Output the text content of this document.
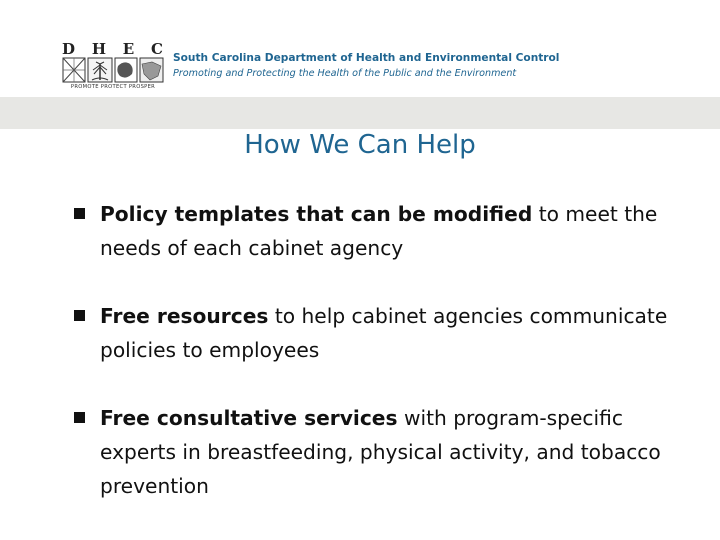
D H E C
PROMOTE PROTECT PROSPER
South Carolina Department of Health and Environmental Control
Promoting and Protecting the Health of the Public and the Environment
How We Can Help
Policy templates that can be modified to meet the needs of each cabinet agency
Free resources to help cabinet agencies communicate policies to employees
Free consultative services with program-specific experts in breastfeeding, physical activity, and tobacco prevention
